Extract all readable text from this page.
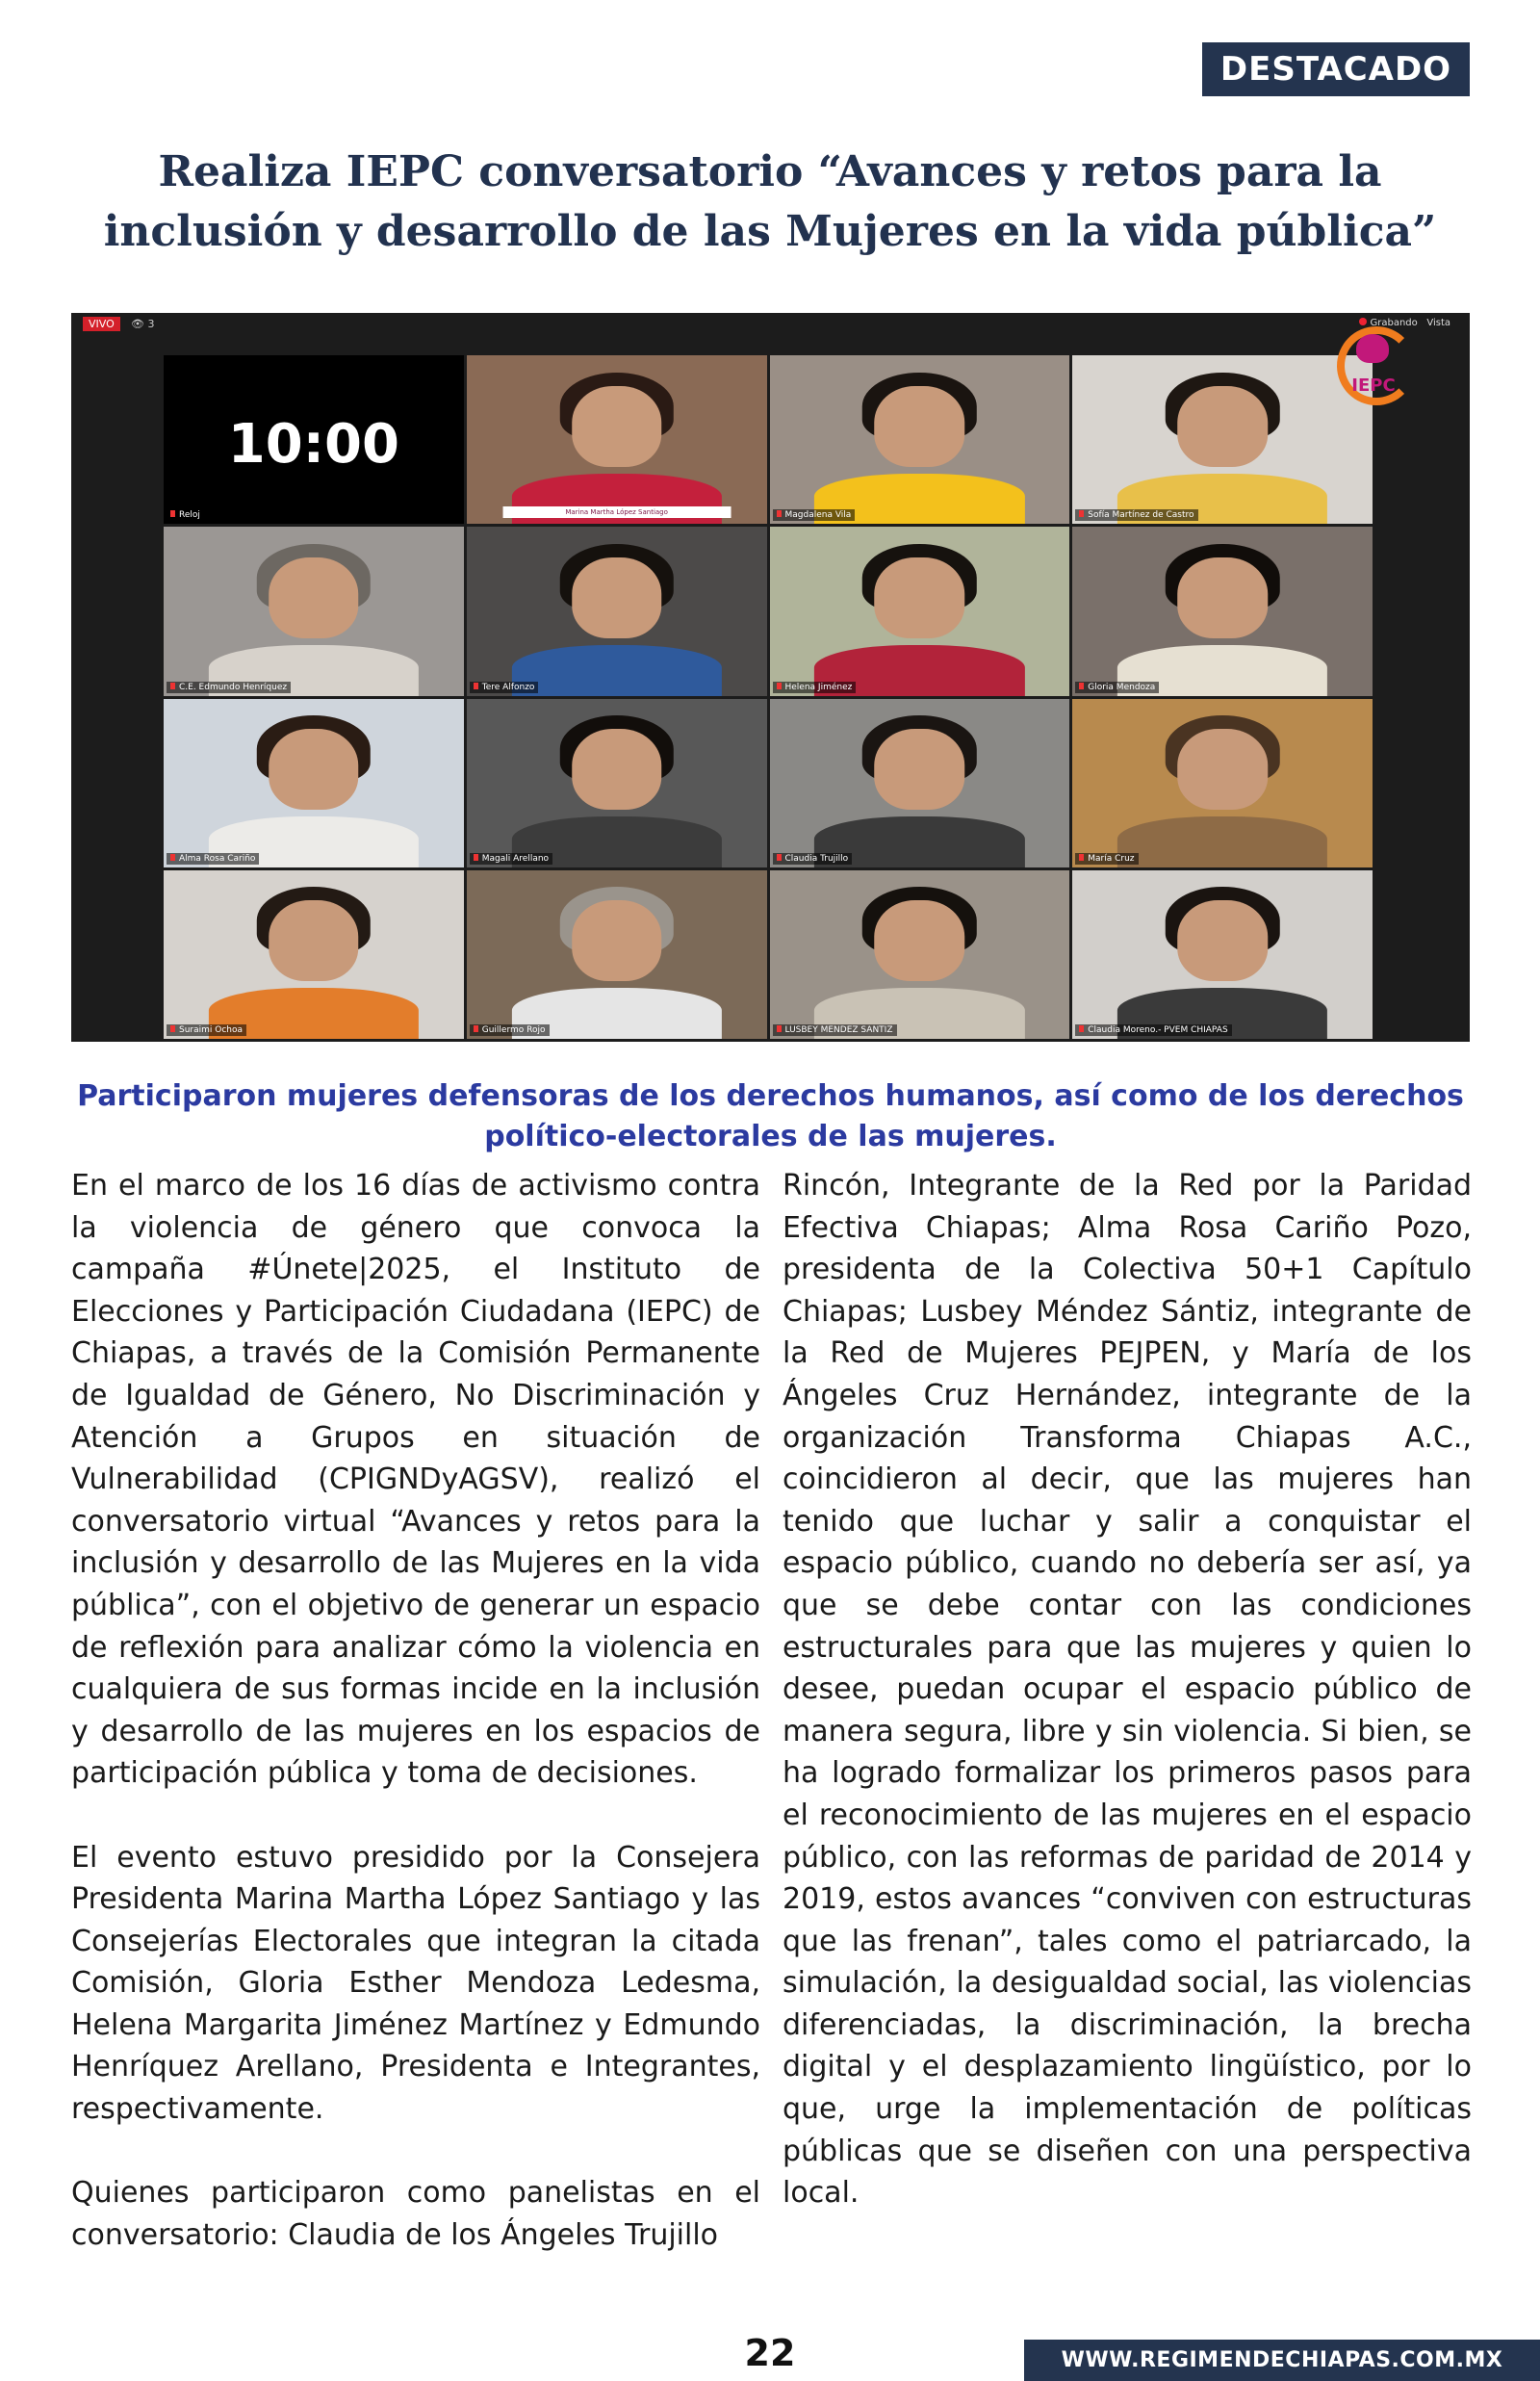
DESTACADO
Realiza IEPC conversatorio “Avances y retos para la
inclusión y desarrollo de las Mujeres en la vida pública”
VIVO	👁 3	Grabando Vista
IEPC
10:00
Reloj	Marina Martha López Santiago	Magdalena Vila	Sofía Martínez de Castro
C.E. Edmundo Henríquez	Tere Alfonzo	Helena Jiménez	Gloria Mendoza
Alma Rosa Cariño	Magali Arellano	Claudia Trujillo	María Cruz
Suraimi Ochoa	Guillermo Rojo	LUSBEY MENDEZ SANTIZ	Claudia Moreno.- PVEM CHIAPAS
Participaron mujeres defensoras de los derechos humanos, así como de los derechos político-electorales de las mujeres.

En el marco de los 16 días de activismo contra la violencia de género que convoca la campaña #Únete|2025, el Instituto de Elecciones y Participación Ciudadana (IEPC) de Chiapas, a través de la Comisión Permanente de Igualdad de Género, No Discriminación y Atención a Grupos en situación de Vulnerabilidad (CPIGNDyAGSV), realizó el conversatorio virtual “Avances y retos para la inclusión y desarrollo de las Mujeres en la vida pública”, con el objetivo de generar un espacio de reflexión para analizar cómo la violencia en cualquiera de sus formas incide en la inclusión y desarrollo de las mujeres en los espacios de participación pública y toma de decisiones.

El evento estuvo presidido por la Consejera Presidenta Marina Martha López Santiago y las Consejerías Electorales que integran la citada Comisión, Gloria Esther Mendoza Ledesma, Helena Margarita Jiménez Martínez y Edmundo Henríquez Arellano, Presidenta e Integrantes, respectivamente.

Quienes participaron como panelistas en el conversatorio: Claudia de los Ángeles Trujillo

Rincón, Integrante de la Red por la Paridad Efectiva Chiapas; Alma Rosa Cariño Pozo, presidenta de la Colectiva 50+1 Capítulo Chiapas; Lusbey Méndez Sántiz, integrante de la Red de Mujeres PEJPEN, y María de los Ángeles Cruz Hernández, integrante de la organización Transforma Chiapas A.C., coincidieron al decir, que las mujeres han tenido que luchar y salir a conquistar el espacio público, cuando no debería ser así, ya que se debe contar con las condiciones estructurales para que las mujeres y quien lo desee, puedan ocupar el espacio público de manera segura, libre y sin violencia. Si bien, se ha logrado formalizar los primeros pasos para el reconocimiento de las mujeres en el espacio público, con las reformas de paridad de 2014 y 2019, estos avances “conviven con estructuras que las frenan”, tales como el patriarcado, la simulación, la desigualdad social, las violencias diferenciadas, la discriminación, la brecha digital y el desplazamiento lingüístico, por lo que, urge la implementación de políticas públicas que se diseñen con una perspectiva local.

22	WWW.REGIMENDECHIAPAS.COM.MX
